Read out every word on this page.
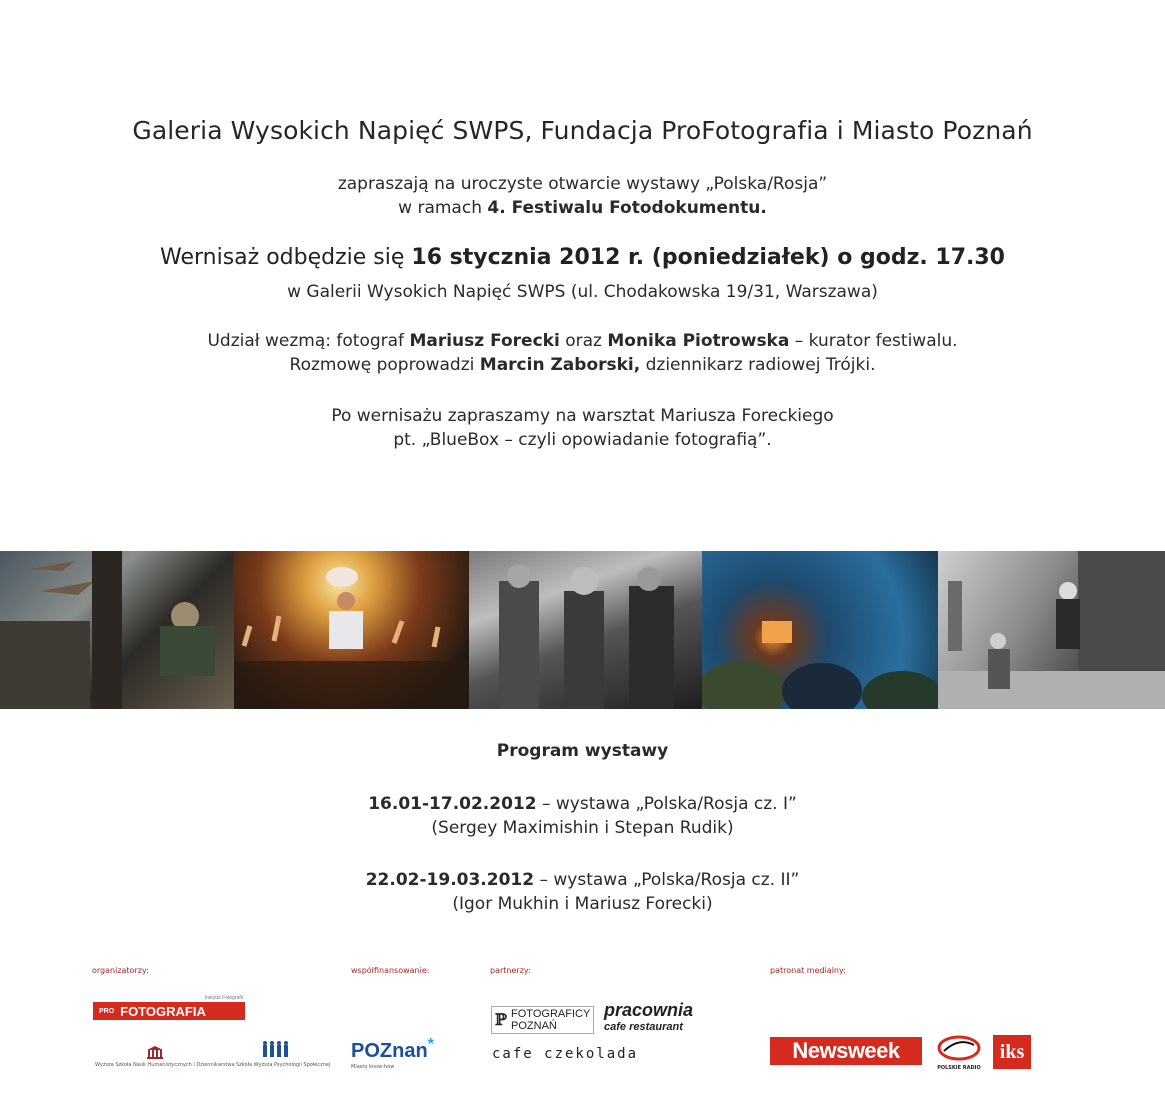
Galeria Wysokich Napięć SWPS, Fundacja ProFotografia i Miasto Poznań
zapraszają na uroczyste otwarcie wystawy „Polska/Rosja”
w ramach 4. Festiwalu Fotodokumentu.
Wernisaż odbędzie się 16 stycznia 2012 r. (poniedziałek) o godz. 17.30
w Galerii Wysokich Napięć SWPS (ul. Chodakowska 19/31, Warszawa)
Udział wezmą: fotograf Mariusz Forecki oraz Monika Piotrowska – kurator festiwalu.
Rozmowę poprowadzi Marcin Zaborski, dziennikarz radiowej Trójki.
Po wernisażu zapraszamy na warsztat Mariusza Foreckiego
pt. „BlueBox – czyli opowiadanie fotografią”.
Program wystawy
16.01-17.02.2012 – wystawa „Polska/Rosja cz. I”
(Sergey Maximishin i Stepan Rudik)
22.02-19.03.2012 – wystawa „Polska/Rosja cz. II”
(Igor Mukhin i Mariusz Forecki)
organizatorzy:	współfinansowanie:	partnerzy:	patronat medialny:
PRO FOTOGRAFIA
Instytut Fotografii
Wyższa Szkoła Nauk Humanistycznych i Dziennikarstwa Szkoła Wyższa Psychologii Społecznej
POZnan*
Miasto know-how
ℙ FOTOGRAFICY
POZNAŃ
pracownia
cafe restaurant
cafe czekolada	Newsweek
POLSKIE RADIO
iks
